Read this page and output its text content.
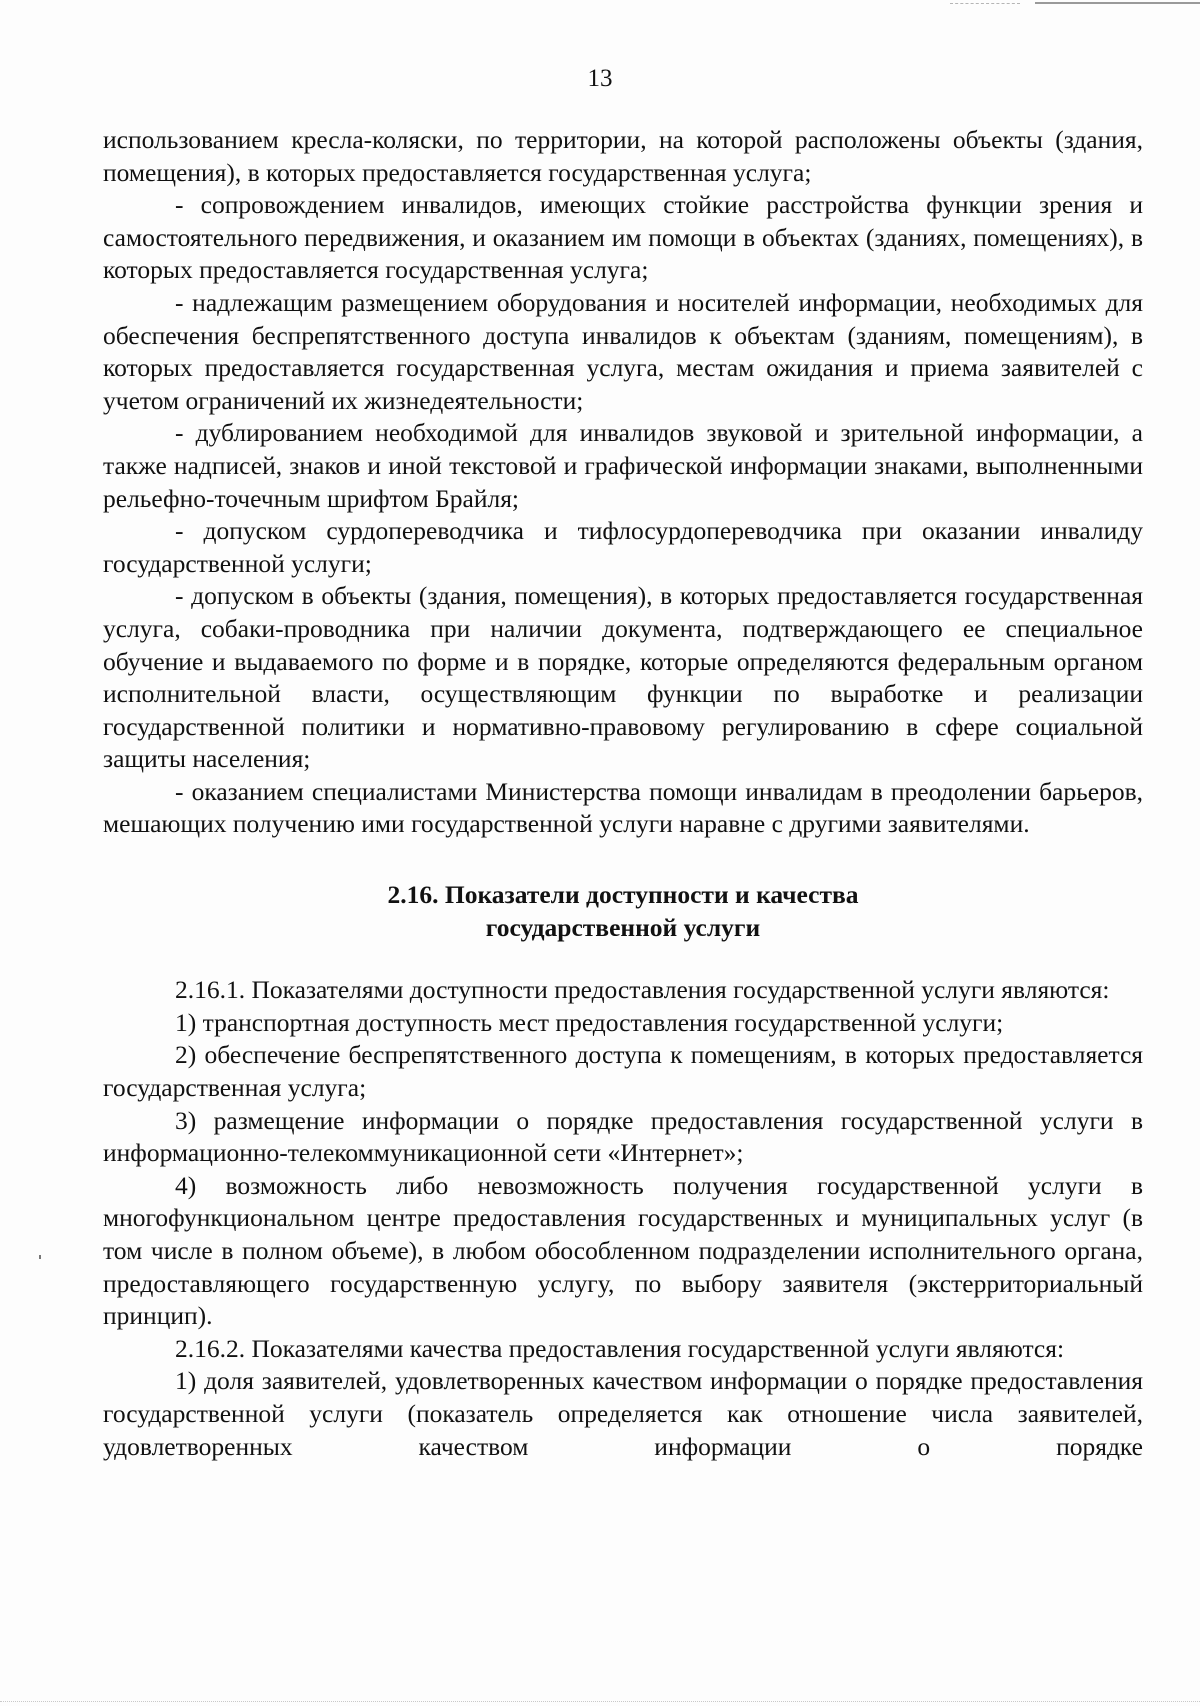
13

использованием кресла-коляски, по территории, на которой расположены объекты (здания, помещения), в которых предоставляется государственная услуга;

- сопровождением инвалидов, имеющих стойкие расстройства функции зрения и самостоятельного передвижения, и оказанием им помощи в объектах (зданиях, помещениях), в которых предоставляется государственная услуга;

- надлежащим размещением оборудования и носителей информации, необходимых для обеспечения беспрепятственного доступа инвалидов к объектам (зданиям, помещениям), в которых предоставляется государственная услуга, местам ожидания и приема заявителей с учетом ограничений их жизнедеятельности;

- дублированием необходимой для инвалидов звуковой и зрительной информации, а также надписей, знаков и иной текстовой и графической информации знаками, выполненными рельефно-точечным шрифтом Брайля;

- допуском сурдопереводчика и тифлосурдопереводчика при оказании инвалиду государственной услуги;

- допуском в объекты (здания, помещения), в которых предоставляется государственная услуга, собаки-проводника при наличии документа, подтверждающего ее специальное обучение и выдаваемого по форме и в порядке, которые определяются федеральным органом исполнительной власти, осуществляющим функции по выработке и реализации государственной политики и нормативно-правовому регулированию в сфере социальной защиты населения;

- оказанием специалистами Министерства помощи инвалидам в преодолении барьеров, мешающих получению ими государственной услуги наравне с другими заявителями.

2.16. Показатели доступности и качества
государственной услуги

2.16.1. Показателями доступности предоставления государственной услуги являются:

1) транспортная доступность мест предоставления государственной услуги;

2) обеспечение беспрепятственного доступа к помещениям, в которых предоставляется государственная услуга;

3) размещение информации о порядке предоставления государственной услуги в информационно-телекоммуникационной сети «Интернет»;

4) возможность либо невозможность получения государственной услуги в многофункциональном центре предоставления государственных и муниципальных услуг (в том числе в полном объеме), в любом обособленном подразделении исполнительного органа, предоставляющего государственную услугу, по выбору заявителя (экстерриториальный принцип).

2.16.2. Показателями качества предоставления государственной услуги являются:

1) доля заявителей, удовлетворенных качеством информации о порядке предоставления государственной услуги (показатель определяется как отношение числа заявителей, удовлетворенных качеством информации о порядке
